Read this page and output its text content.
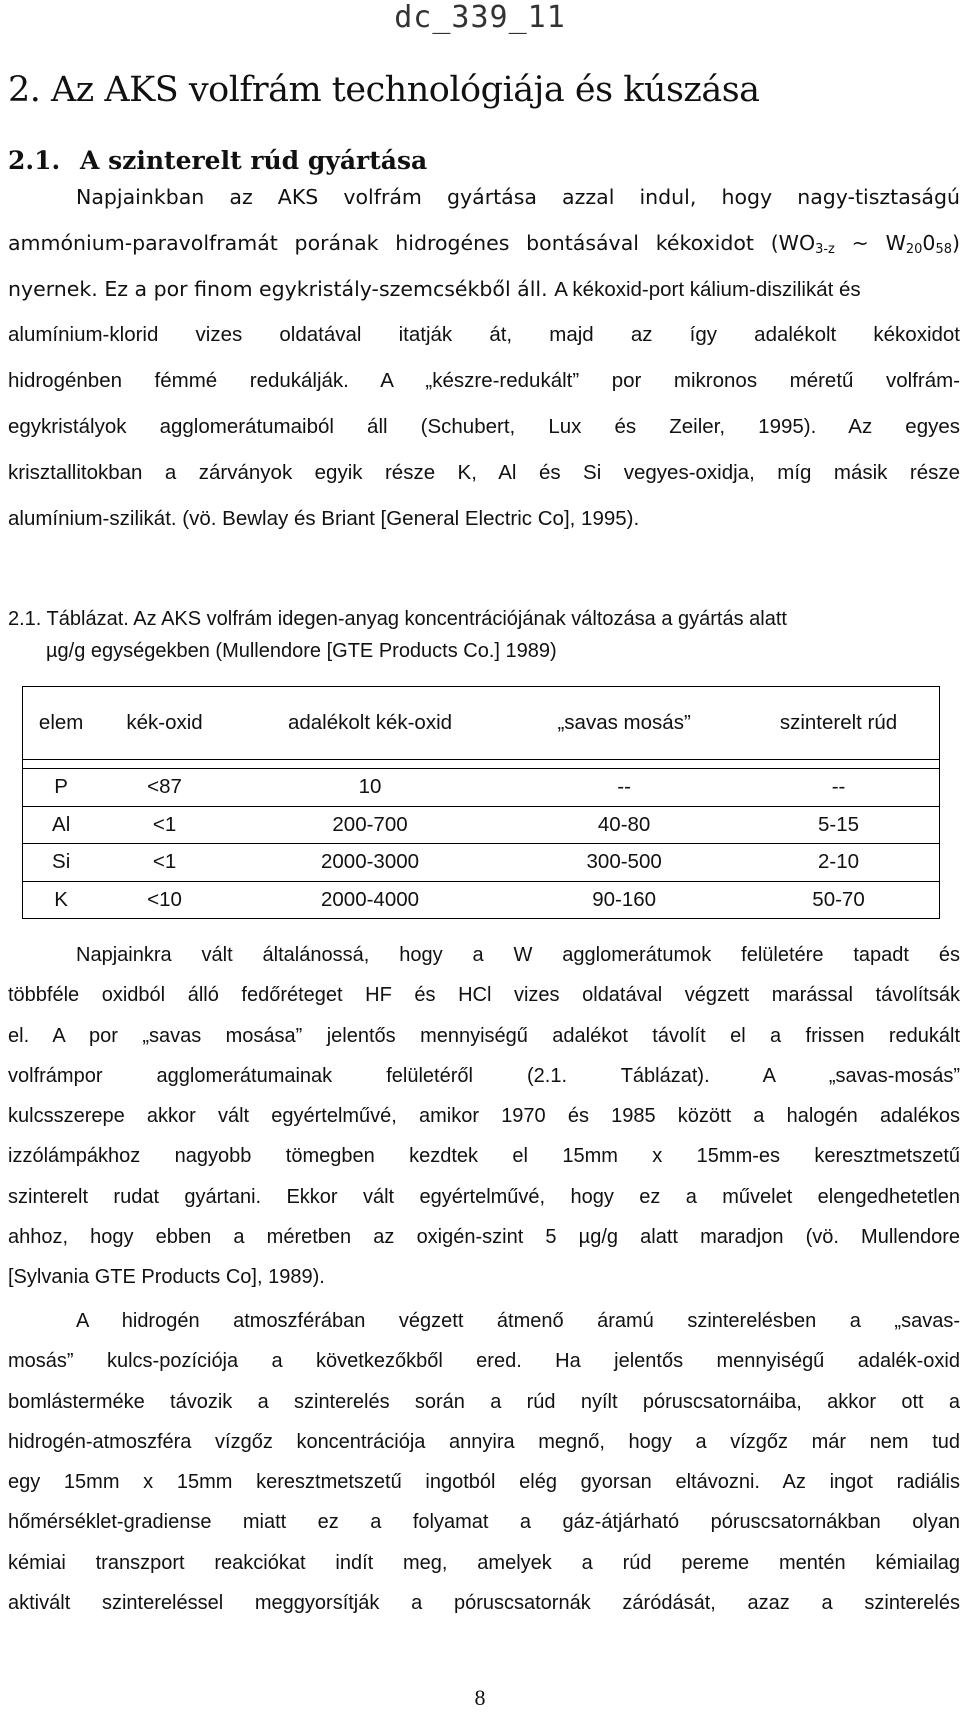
dc_339_11
2. Az AKS volfrám technológiája és kúszása
2.1. A szinterelt rúd gyártása
Napjainkban az AKS volfrám gyártása azzal indul, hogy nagy-tisztaságú
ammónium-paravolframát porának hidrogénes bontásával kékoxidot ($WO_{3-z}$ ~ $W_{20}0_{58}$)
nyernek. Ez a por finom egykristály-szemcsékből áll. A kékoxid-port kálium-diszilikát és
alumínium-klorid vizes oldatával itatják át, majd az így adalékolt kékoxidot
hidrogénben fémmé redukálják. A „készre-redukált” por mikronos méretű volfrám-
egykristályok agglomerátumaiból áll (Schubert, Lux és Zeiler, 1995). Az egyes
krisztallitokban a zárványok egyik része K, Al és Si vegyes-oxidja, míg másik része
alumínium-szilikát. (vö. Bewlay és Briant [General Electric Co], 1995).
2.1. Táblázat. Az AKS volfrám idegen-anyag koncentrációjának változása a gyártás alatt
µg/g egységekben (Mullendore [GTE Products Co.] 1989)
elem	kék-oxid	adalékolt kék-oxid	„savas mosás”	szinterelt rúd

P	<87	10	--	--
Al	<1	200-700	40-80	5-15
Si	<1	2000-3000	300-500	2-10
K	<10	2000-4000	90-160	50-70
Napjainkra vált általánossá, hogy a W agglomerátumok felületére tapadt és
többféle oxidból álló fedőréteget HF és HCl vizes oldatával végzett marással távolítsák
el. A por „savas mosása” jelentős mennyiségű adalékot távolít el a frissen redukált
volfrámpor agglomerátumainak felületéről (2.1. Táblázat). A „savas-mosás”
kulcsszerepe akkor vált egyértelművé, amikor 1970 és 1985 között a halogén adalékos
izzólámpákhoz nagyobb tömegben kezdtek el 15mm x 15mm-es keresztmetszetű
szinterelt rudat gyártani. Ekkor vált egyértelművé, hogy ez a művelet elengedhetetlen
ahhoz, hogy ebben a méretben az oxigén-szint 5 µg/g alatt maradjon (vö. Mullendore
[Sylvania GTE Products Co], 1989).
A hidrogén atmoszférában végzett átmenő áramú szinterelésben a „savas-
mosás” kulcs-pozíciója a következőkből ered. Ha jelentős mennyiségű adalék-oxid
bomlásterméke távozik a szinterelés során a rúd nyílt póruscsatornáiba, akkor ott a
hidrogén-atmoszféra vízgőz koncentrációja annyira megnő, hogy a vízgőz már nem tud
egy 15mm x 15mm keresztmetszetű ingotból elég gyorsan eltávozni. Az ingot radiális
hőmérséklet-gradiense miatt ez a folyamat a gáz-átjárható póruscsatornákban olyan
kémiai transzport reakciókat indít meg, amelyek a rúd pereme mentén kémiailag
aktivált szintereléssel meggyorsítják a póruscsatornák záródását, azaz a szinterelés
8
